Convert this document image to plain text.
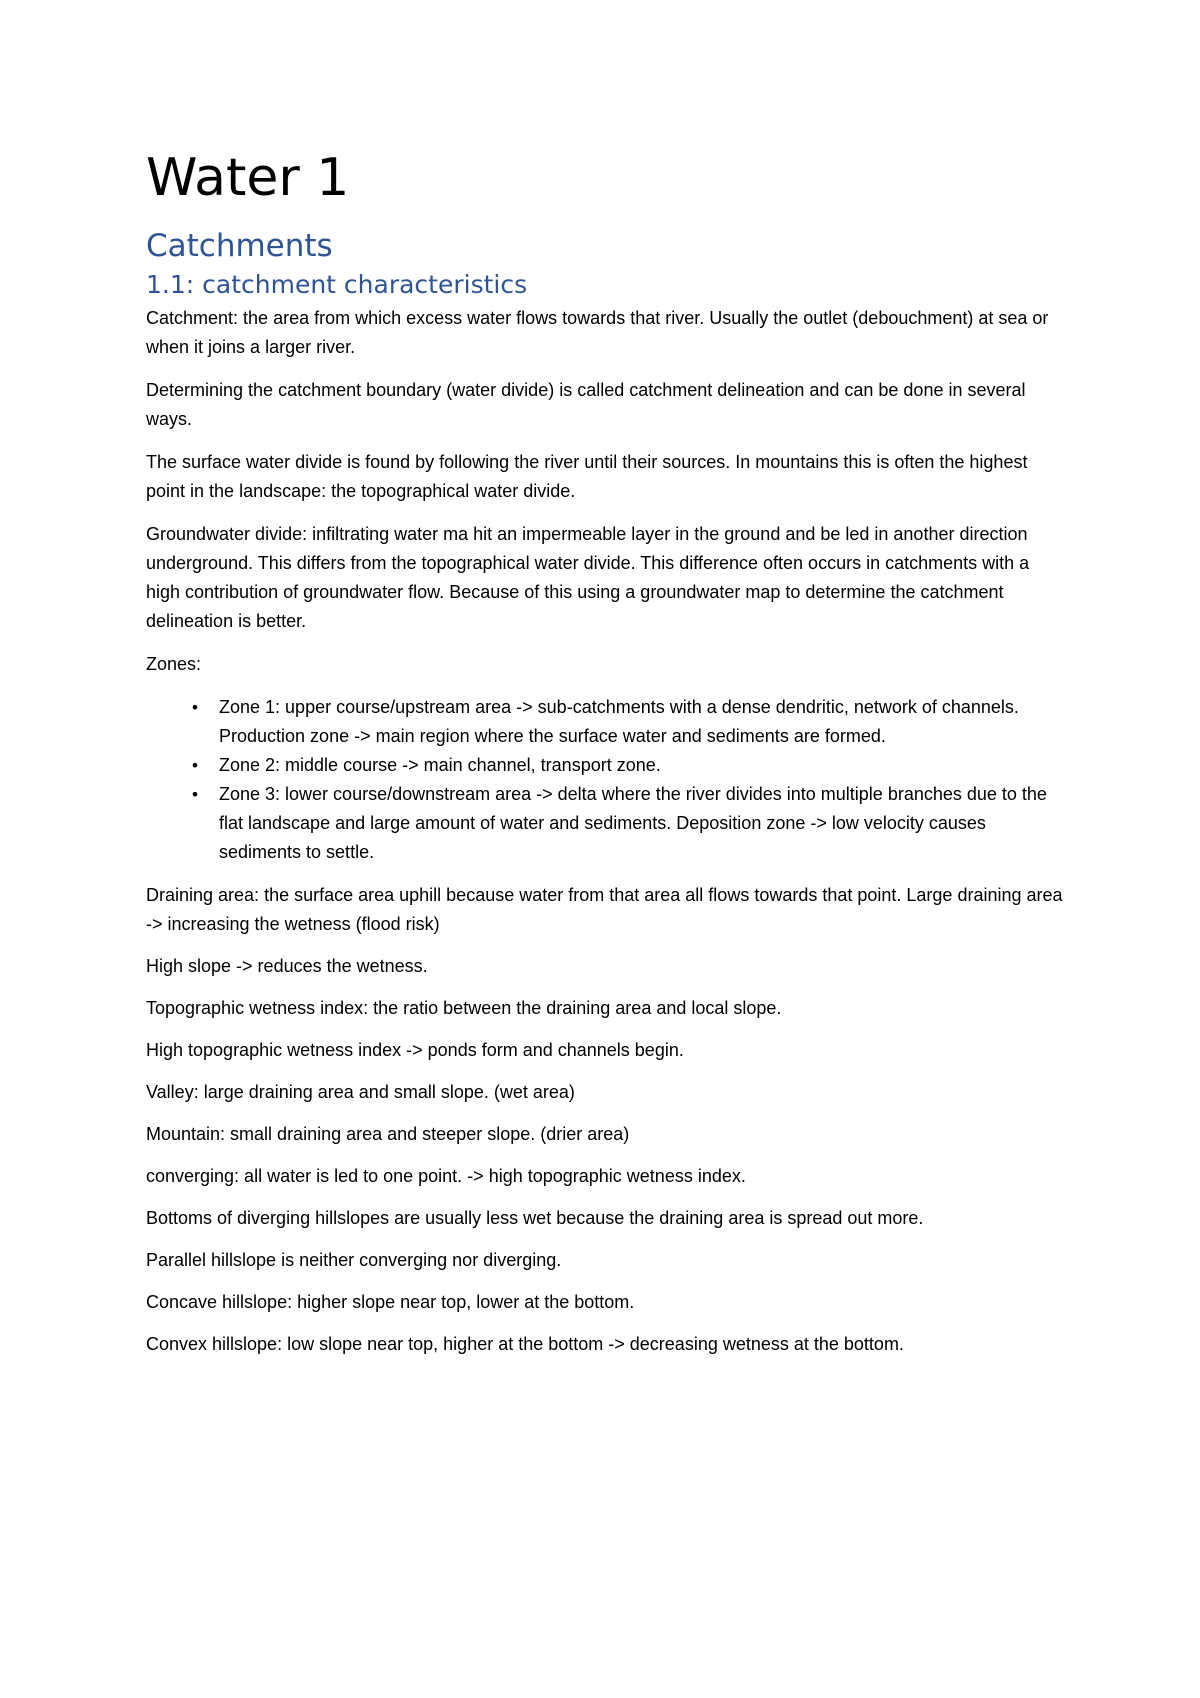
Water 1
Catchments
1.1: catchment characteristics

Catchment: the area from which excess water flows towards that river. Usually the outlet (debouchment) at sea or when it joins a larger river.

Determining the catchment boundary (water divide) is called catchment delineation and can be done in several ways.

The surface water divide is found by following the river until their sources. In mountains this is often the highest point in the landscape: the topographical water divide.

Groundwater divide: infiltrating water ma hit an impermeable layer in the ground and be led in another direction underground. This differs from the topographical water divide. This difference often occurs in catchments with a high contribution of groundwater flow. Because of this using a groundwater map to determine the catchment delineation is better.

Zones:

• Zone 1: upper course/upstream area -> sub-catchments with a dense dendritic, network of channels. Production zone -> main region where the surface water and sediments are formed.
• Zone 2: middle course -> main channel, transport zone.
• Zone 3: lower course/downstream area -> delta where the river divides into multiple branches due to the flat landscape and large amount of water and sediments. Deposition zone -> low velocity causes sediments to settle.

Draining area: the surface area uphill because water from that area all flows towards that point. Large draining area -> increasing the wetness (flood risk)

High slope -> reduces the wetness.

Topographic wetness index: the ratio between the draining area and local slope.

High topographic wetness index -> ponds form and channels begin.

Valley: large draining area and small slope. (wet area)

Mountain: small draining area and steeper slope. (drier area)

converging: all water is led to one point. -> high topographic wetness index.

Bottoms of diverging hillslopes are usually less wet because the draining area is spread out more.

Parallel hillslope is neither converging nor diverging.

Concave hillslope: higher slope near top, lower at the bottom.

Convex hillslope: low slope near top, higher at the bottom -> decreasing wetness at the bottom.
